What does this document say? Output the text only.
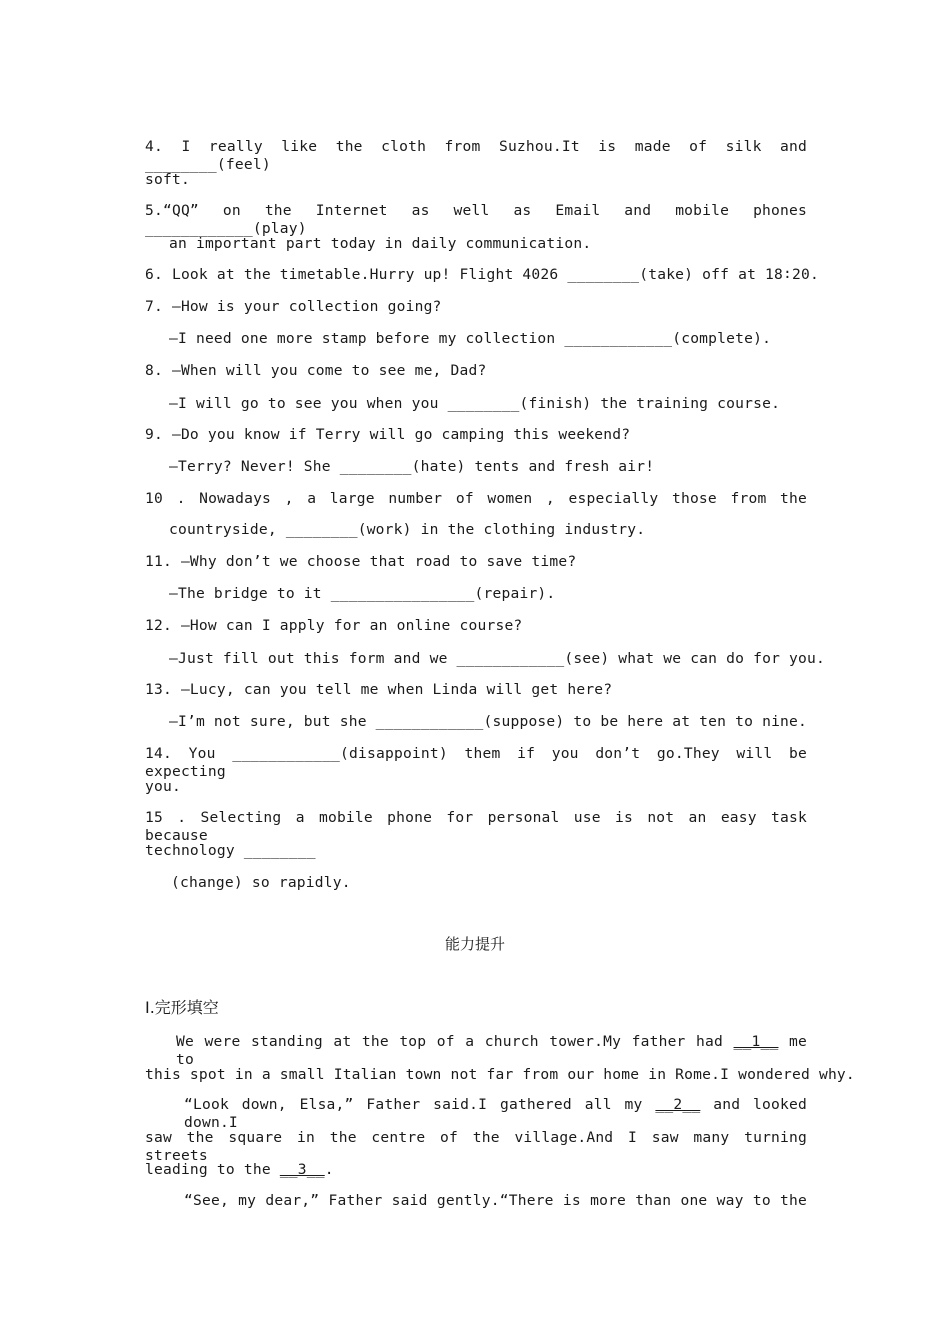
4. I really like the cloth from Suzhou.It is made of silk and ________(feel)
soft.
5.“QQ” on the Internet as well as Email and mobile phones ____________(play)
an important part today in daily communication.
6. Look at the timetable.Hurry up! Flight 4026 ________(take) off at 18∶20.
7. —How is your collection going?
—I need one more stamp before my collection ____________(complete).
8. —When will you come to see me, Dad?
—I will go to see you when you ________(finish) the training course.
9. —Do you know if Terry will go camping this weekend?
—Terry? Never! She ________(hate) tents and fresh air!
10 . Nowadays , a large number of women , especially those from the
countryside, ________(work) in the clothing industry.
11. —Why don’t we choose that road to save time?
—The bridge to it ________________(repair).
12. —How can I apply for an online course?
—Just fill out this form and we ____________(see) what we can do for you.
13. —Lucy, can you tell me when Linda will get here?
—I’m not sure, but she ____________(suppose) to be here at ten to nine.
14. You ____________(disappoint) them if you don’t go.They will be expecting
you.
15 . Selecting a mobile phone for personal use is not an easy task because
technology ________
(change) so rapidly.
能力提升
Ⅰ.完形填空
We were standing at the top of a church tower.My father had __1__ me to
this spot in a small Italian town not far from our home in Rome.I wondered why.
“Look down, Elsa,” Father said.I gathered all my __2__ and looked down.I
saw the square in the centre of the village.And I saw many turning streets
leading to the __3__.
“See, my dear,” Father said gently.“There is more than one way to the
